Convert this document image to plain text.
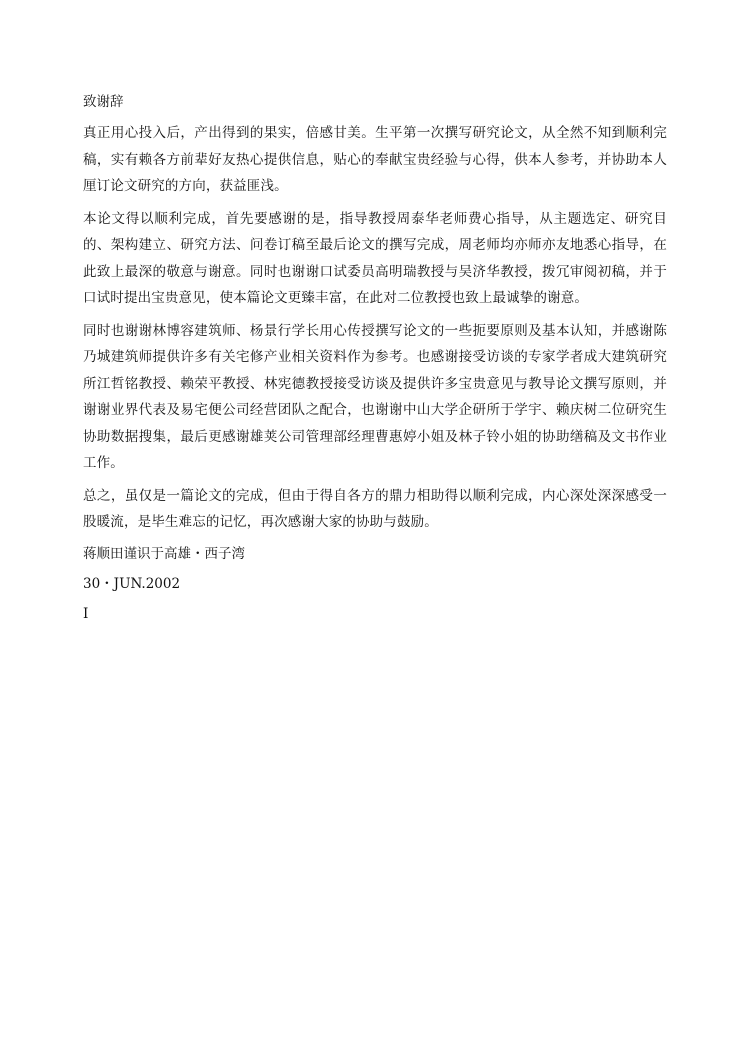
致谢辞

真正用心投入后，产出得到的果实，倍感甘美。生平第一次撰写研究论文，从全然不知到顺利完稿，实有赖各方前辈好友热心提供信息，贴心的奉献宝贵经验与心得，供本人参考，并协助本人厘订论文研究的方向，获益匪浅。

本论文得以顺利完成，首先要感谢的是，指导教授周泰华老师费心指导，从主题选定、研究目的、架构建立、研究方法、问卷订稿至最后论文的撰写完成，周老师均亦师亦友地悉心指导，在此致上最深的敬意与谢意。同时也谢谢口试委员高明瑞教授与吴济华教授，拨冗审阅初稿，并于口试时提出宝贵意见，使本篇论文更臻丰富，在此对二位教授也致上最诚挚的谢意。

同时也谢谢林博容建筑师、杨景行学长用心传授撰写论文的一些扼要原则及基本认知，并感谢陈乃城建筑师提供许多有关宅修产业相关资料作为参考。也感谢接受访谈的专家学者成大建筑研究所江哲铭教授、赖荣平教授、林宪德教授接受访谈及提供许多宝贵意见与教导论文撰写原则，并谢谢业界代表及易宅便公司经营团队之配合，也谢谢中山大学企研所于学宇、赖庆树二位研究生协助数据搜集，最后更感谢雄荚公司管理部经理曹惠婷小姐及林子铃小姐的协助缮稿及文书作业工作。

总之，虽仅是一篇论文的完成，但由于得自各方的鼎力相助得以顺利完成，内心深处深深感受一股暖流，是毕生难忘的记忆，再次感谢大家的协助与鼓励。

蒋顺田谨识于高雄・西子湾
30・JUN.2002
I
